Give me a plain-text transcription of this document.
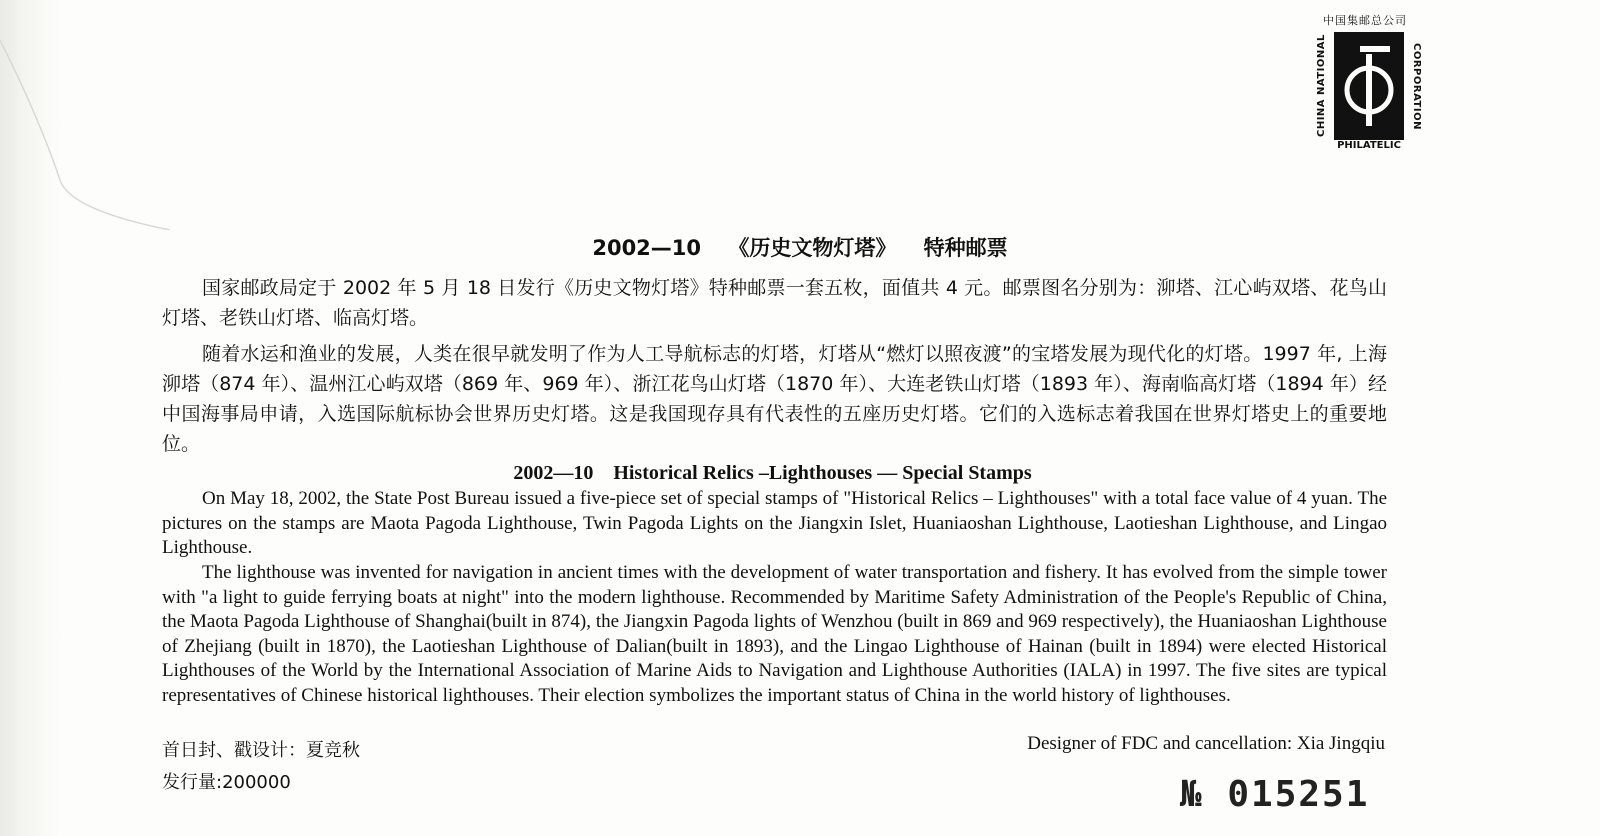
中国集邮总公司
CHINA NATIONAL	CORPORATION
PHILATELIC
2002—10 《历史文物灯塔》 特种邮票

国家邮政局定于 2002 年 5 月 18 日发行《历史文物灯塔》特种邮票一套五枚，面值共 4 元。邮票图名分别为：泖塔、江心屿双塔、花鸟山灯塔、老铁山灯塔、临高灯塔。

随着水运和渔业的发展，人类在很早就发明了作为人工导航标志的灯塔，灯塔从“燃灯以照夜渡”的宝塔发展为现代化的灯塔。1997 年, 上海泖塔（874 年）、温州江心屿双塔（869 年、969 年）、浙江花鸟山灯塔（1870 年）、大连老铁山灯塔（1893 年）、海南临高灯塔（1894 年）经中国海事局申请，入选国际航标协会世界历史灯塔。这是我国现存具有代表性的五座历史灯塔。它们的入选标志着我国在世界灯塔史上的重要地位。

2002—10    Historical Relics –Lighthouses — Special Stamps

On May 18, 2002, the State Post Bureau issued a five-piece set of special stamps of "Historical Relics – Lighthouses" with a total face value of 4 yuan. The pictures on the stamps are Maota Pagoda Lighthouse, Twin Pagoda Lights on the Jiangxin Islet, Huaniaoshan Lighthouse, Laotieshan Lighthouse, and Lingao Lighthouse.

The lighthouse was invented for navigation in ancient times with the development of water transportation and fishery. It has evolved from the simple tower with "a light to guide ferrying boats at night" into the modern lighthouse. Recommended by Maritime Safety Administration of the People's Republic of China, the Maota Pagoda Lighthouse of Shanghai(built in 874), the Jiangxin Pagoda lights of Wenzhou (built in 869 and 969 respectively), the Huaniaoshan Lighthouse of Zhejiang (built in 1870), the Laotieshan Lighthouse of Dalian(built in 1893), and the Lingao Lighthouse of Hainan (built in 1894) were elected Historical Lighthouses of the World by the International Association of Marine Aids to Navigation and Lighthouse Authorities (IALA) in 1997. The five sites are typical representatives of Chinese historical lighthouses. Their election symbolizes the important status of China in the world history of lighthouses.

首日封、戳设计：夏竞秋
发行量:200000
Designer of FDC and cancellation: Xia Jingqiu
№ 015251
